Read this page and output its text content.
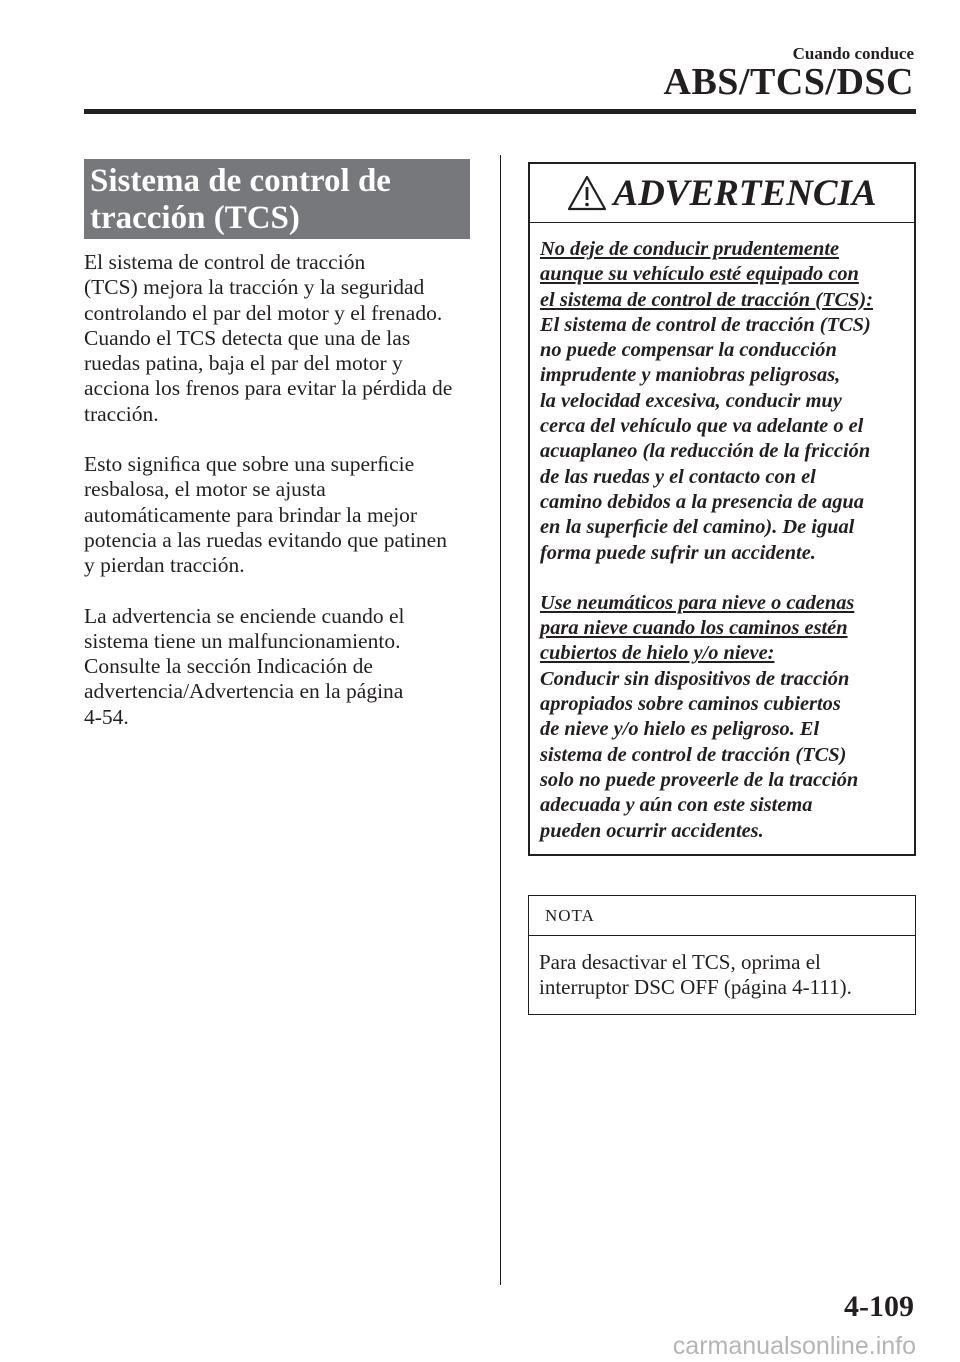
Cuando conduce
ABS/TCS/DSC
Sistema de control de
tracción (TCS)

El sistema de control de tracción
(TCS) mejora la tracción y la seguridad
controlando el par del motor y el frenado.
Cuando el TCS detecta que una de las
ruedas patina, baja el par del motor y
acciona los frenos para evitar la pérdida de
tracción.

Esto signiﬁca que sobre una superﬁcie
resbalosa, el motor se ajusta
automáticamente para brindar la mejor
potencia a las ruedas evitando que patinen
y pierdan tracción.

La advertencia se enciende cuando el
sistema tiene un malfuncionamiento.
Consulte la sección Indicación de
advertencia/Advertencia en la página
4-54.

ADVERTENCIA

No deje de conducir prudentemente
aunque su vehículo esté equipado con
el sistema de control de tracción (TCS):
El sistema de control de tracción (TCS)
no puede compensar la conducción
imprudente y maniobras peligrosas,
la velocidad excesiva, conducir muy
cerca del vehículo que va adelante o el
acuaplaneo (la reducción de la fricción
de las ruedas y el contacto con el
camino debidos a la presencia de agua
en la superﬁcie del camino). De igual
forma puede sufrir un accidente.

Use neumáticos para nieve o cadenas
para nieve cuando los caminos estén
cubiertos de hielo y/o nieve:
Conducir sin dispositivos de tracción
apropiados sobre caminos cubiertos
de nieve y/o hielo es peligroso. El
sistema de control de tracción (TCS)
solo no puede proveerle de la tracción
adecuada y aún con este sistema
pueden ocurrir accidentes.

NOTA
Para desactivar el TCS, oprima el
interruptor DSC OFF (página 4-111).
4-109
carmanualsonline.info
